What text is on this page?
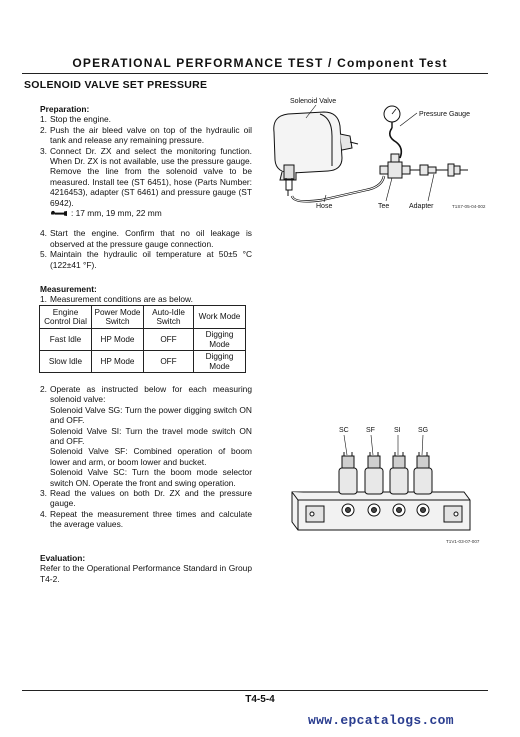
OPERATIONAL PERFORMANCE TEST / Component Test
SOLENOID VALVE SET PRESSURE
Preparation:
1. Stop the engine.
2. Push the air bleed valve on top of the hydraulic oil tank and release any remaining pressure.
3. Connect Dr. ZX and select the monitoring function. When Dr. ZX is not available, use the pressure gauge. Remove the line from the solenoid valve to be measured. Install tee (ST 6451), hose (Parts Number: 4216453), adapter (ST 6461) and pressure gauge (ST 6942).
: 17 mm, 19 mm, 22 mm
4. Start the engine. Confirm that no oil leakage is observed at the pressure gauge connection.
5. Maintain the hydraulic oil temperature at 50±5 °C (122±41 °F).
Measurement:
1. Measurement conditions are as below.
Engine Control Dial	Power Mode Switch	Auto-Idle Switch	Work Mode
Fast Idle	HP Mode	OFF	Digging Mode
Slow Idle	HP Mode	OFF	Digging Mode
2. Operate as instructed below for each measuring solenoid valve:
Solenoid Valve SG: Turn the power digging switch ON and OFF.
Solenoid Valve SI: Turn the travel mode switch ON and OFF.
Solenoid Valve SF: Combined operation of boom lower and arm, or boom lower and bucket.
Solenoid Valve SC: Turn the boom mode selector switch ON. Operate the front and swing operation.
3. Read the values on both Dr. ZX and the pressure gauge.
4. Repeat the measurement three times and calculate the average values.
Evaluation:
Refer to the Operational Performance Standard in Group T4-2.
Solenoid Valve
Pressure Gauge
Hose	Tee	Adapter	T1S7-05-04-002
SC SF	SI SG
T1V1-03-07-007
T4-5-4
www.epcatalogs.com
